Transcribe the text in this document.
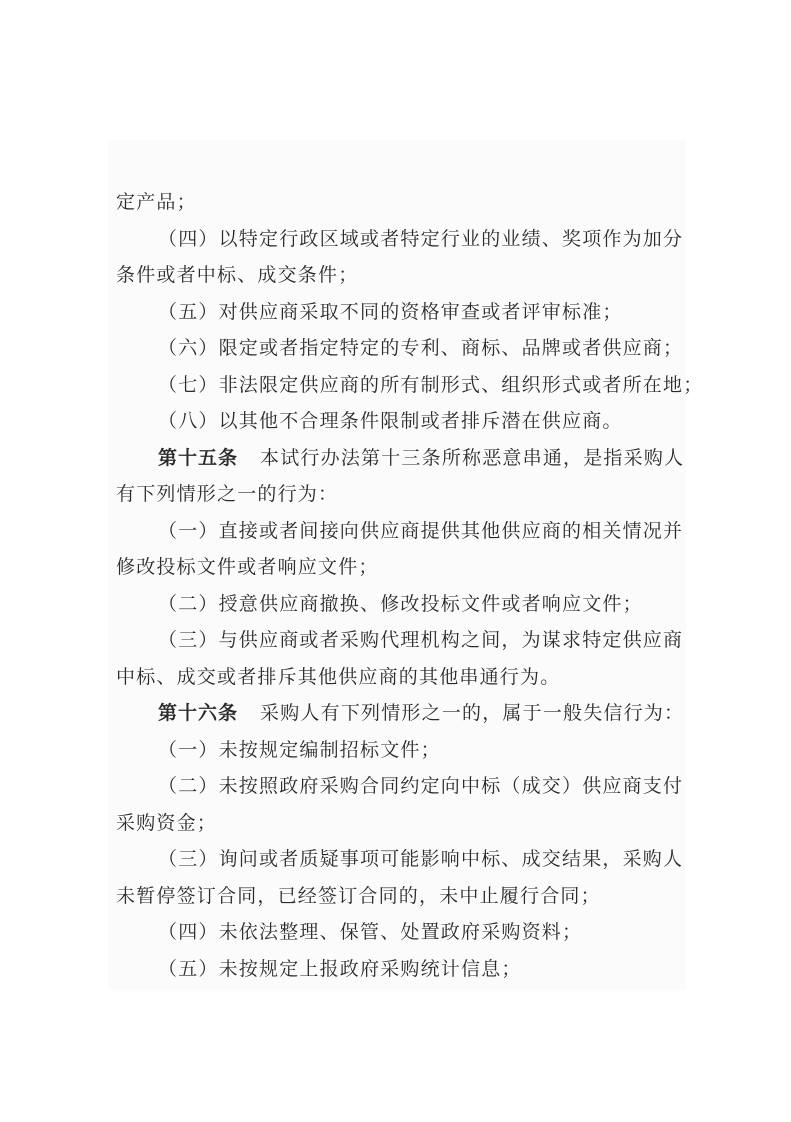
定产品；

（四）以特定行政区域或者特定行业的业绩、奖项作为加分

条件或者中标、成交条件；

（五）对供应商采取不同的资格审查或者评审标准；

（六）限定或者指定特定的专利、商标、品牌或者供应商；

（七）非法限定供应商的所有制形式、组织形式或者所在地；

（八）以其他不合理条件限制或者排斥潜在供应商。

第十五条 本试行办法第十三条所称恶意串通，是指采购人

有下列情形之一的行为：

（一）直接或者间接向供应商提供其他供应商的相关情况并

修改投标文件或者响应文件；

（二）授意供应商撤换、修改投标文件或者响应文件；

（三）与供应商或者采购代理机构之间，为谋求特定供应商

中标、成交或者排斥其他供应商的其他串通行为。

第十六条 采购人有下列情形之一的，属于一般失信行为：

（一）未按规定编制招标文件；

（二）未按照政府采购合同约定向中标（成交）供应商支付

采购资金；

（三）询问或者质疑事项可能影响中标、成交结果，采购人

未暂停签订合同，已经签订合同的，未中止履行合同；

（四）未依法整理、保管、处置政府采购资料；

（五）未按规定上报政府采购统计信息；
